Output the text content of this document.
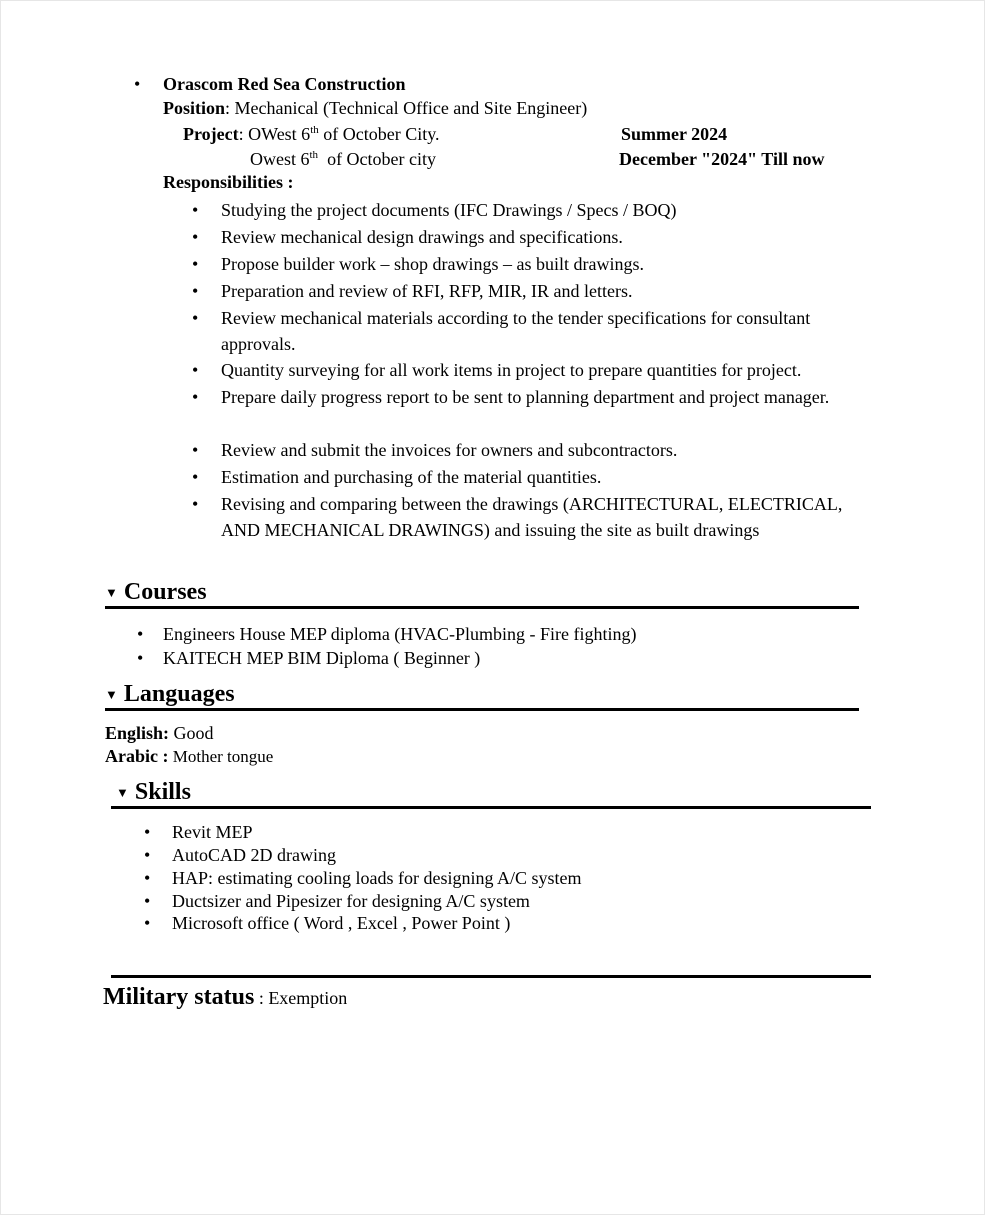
• Orascom Red Sea Construction
Position: Mechanical (Technical Office and Site Engineer)
Project: OWest 6th of October City.	Summer 2024
Owest 6th  of October city	December "2024" Till now
Responsibilities :
• Studying the project documents (IFC Drawings / Specs / BOQ)
• Review mechanical design drawings and specifications.
• Propose builder work – shop drawings – as built drawings.
• Preparation and review of RFI, RFP, MIR, IR and letters.
• Review mechanical materials according to the tender specifications for consultant approvals.
• Quantity surveying for all work items in project to prepare quantities for project.
• Prepare daily progress report to be sent to planning department and project manager.
• Review and submit the invoices for owners and subcontractors.
• Estimation and purchasing of the material quantities.
• Revising and comparing between the drawings (ARCHITECTURAL, ELECTRICAL, AND MECHANICAL DRAWINGS) and issuing the site as built drawings
▼ Courses
• Engineers House MEP diploma (HVAC-Plumbing - Fire fighting)
• KAITECH MEP BIM Diploma ( Beginner )
▼ Languages
English: Good
Arabic : Mother tongue
▼ Skills
• Revit MEP
• AutoCAD 2D drawing
• HAP: estimating cooling loads for designing A/C system
• Ductsizer and Pipesizer for designing A/C system
• Microsoft office ( Word , Excel , Power Point )
Military status : Exemption
